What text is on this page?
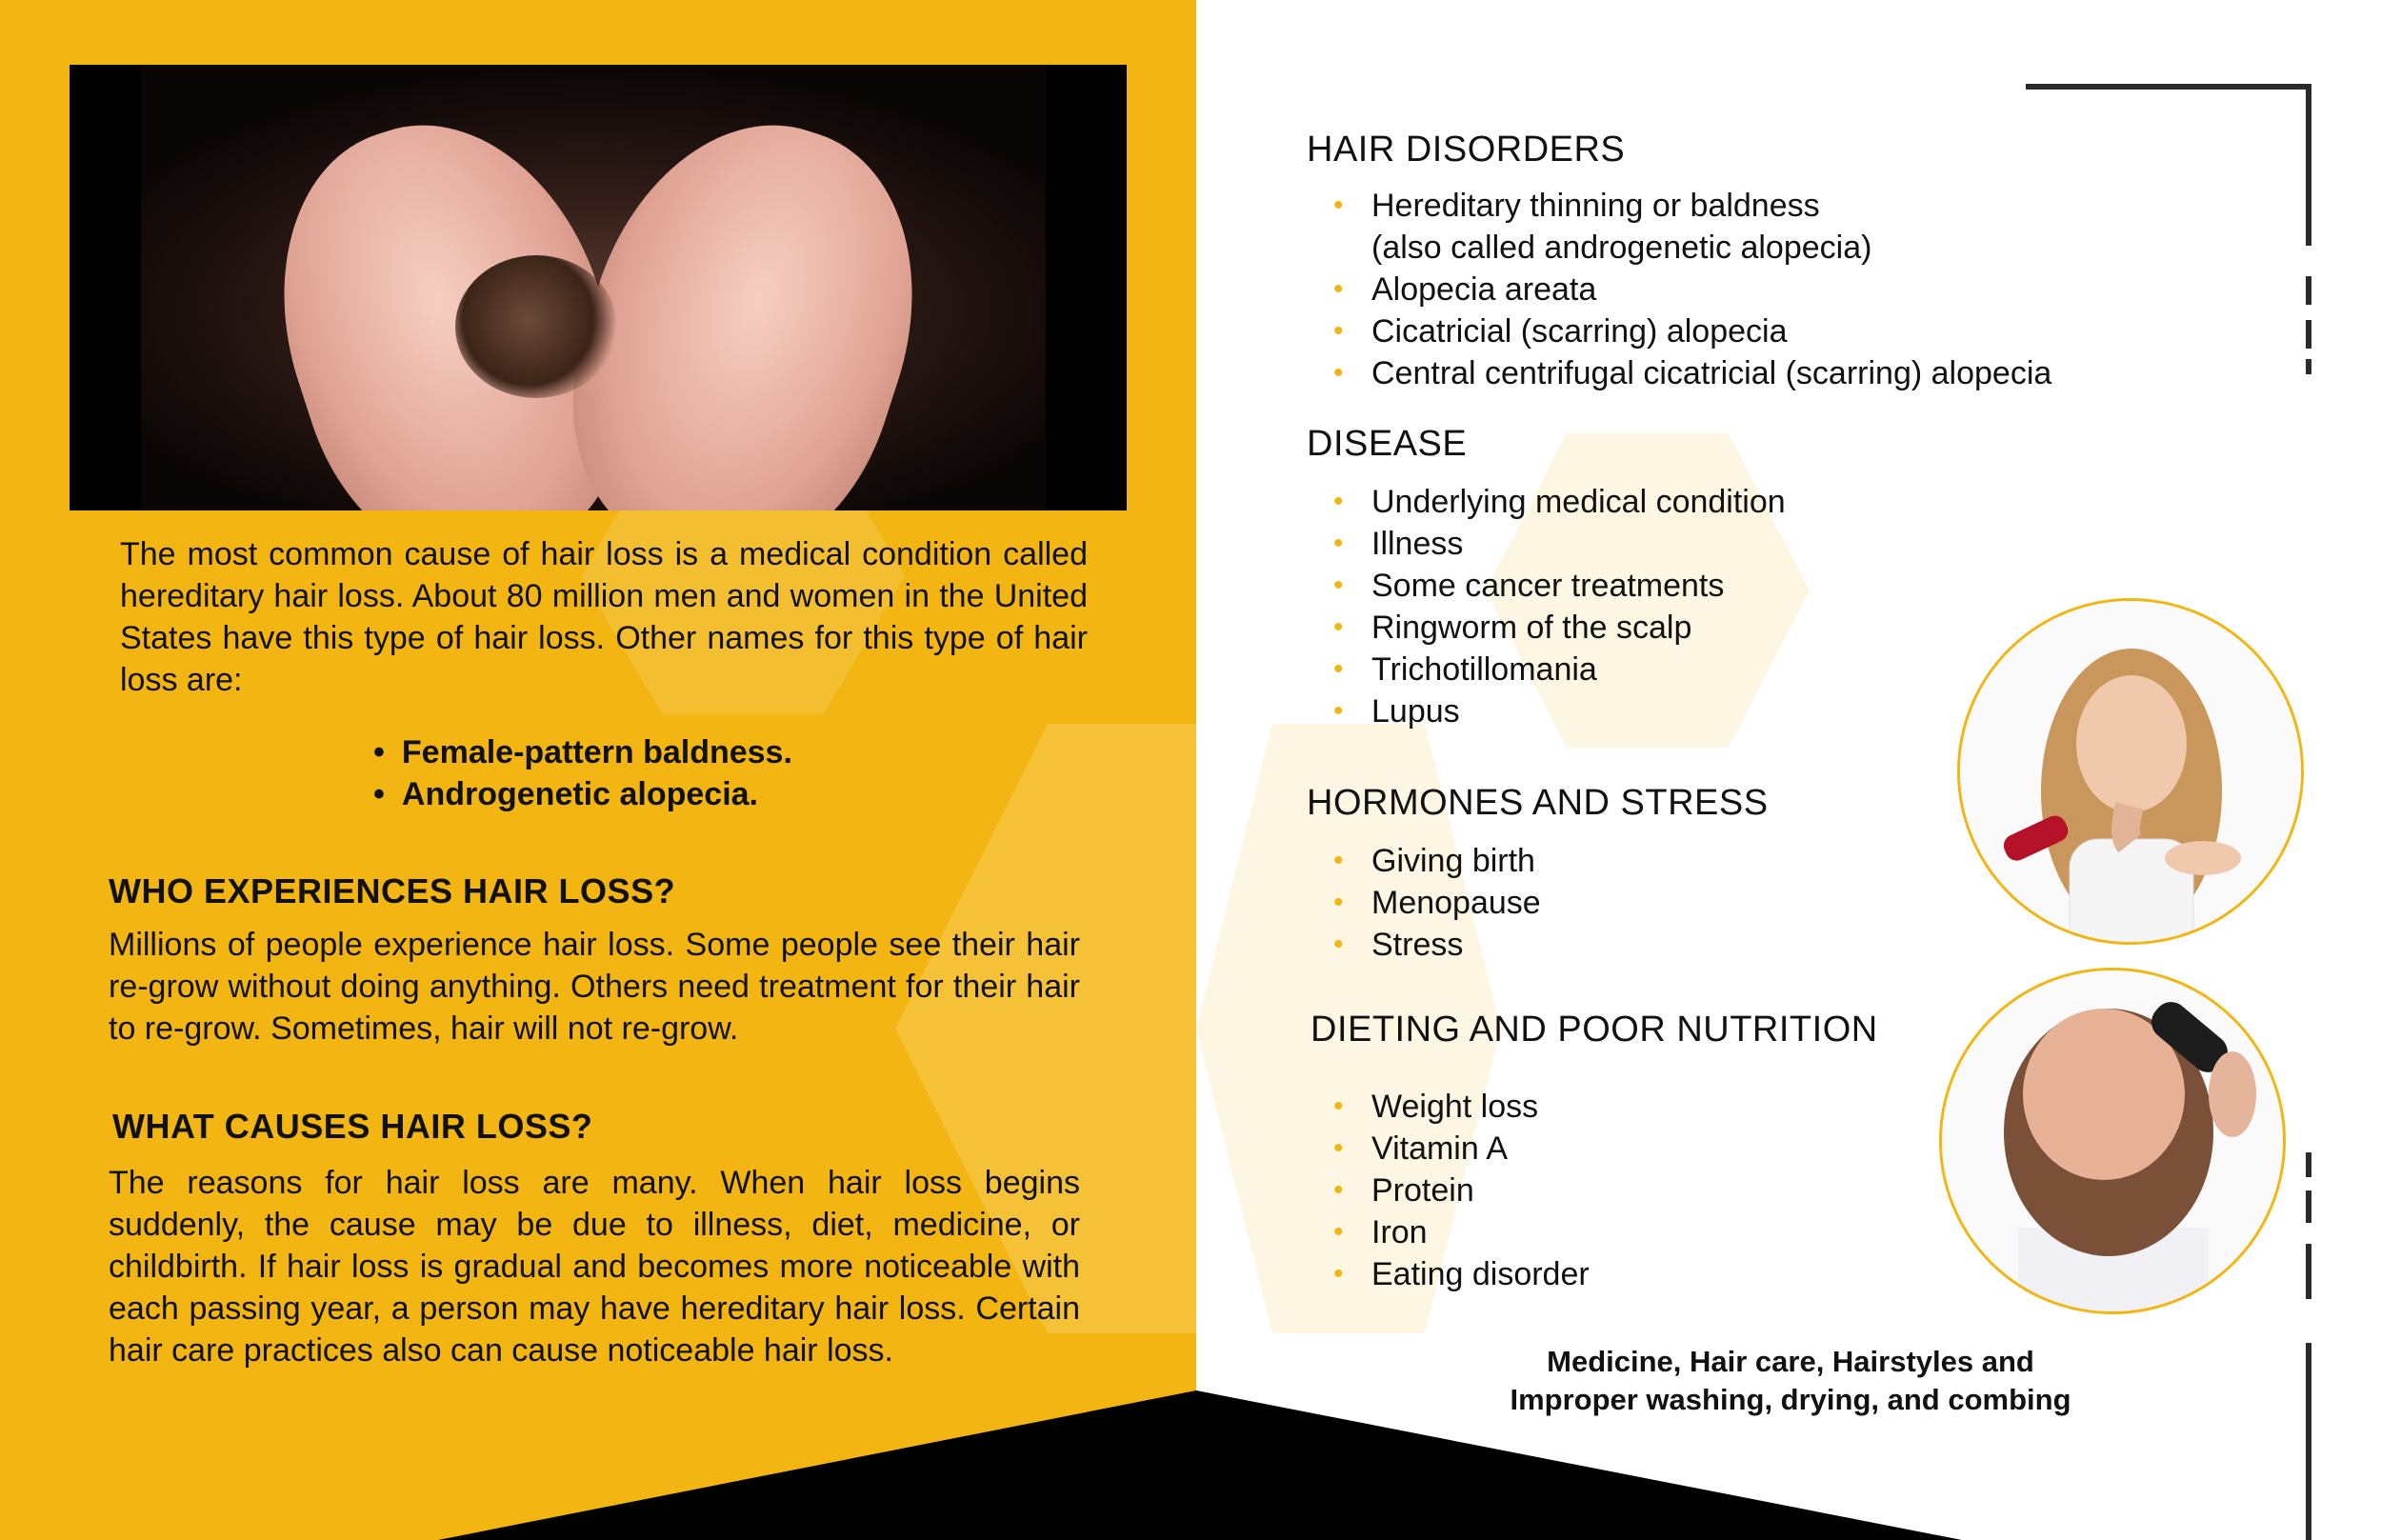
The most common cause of hair loss is a medical condition called hereditary hair loss. About 80 million men and women in the United States have this type of hair loss. Other names for this type of hair loss are:

• Female-pattern baldness.
• Androgenetic alopecia.
WHO EXPERIENCES HAIR LOSS?

Millions of people experience hair loss. Some people see their hair re-grow without doing anything. Others need treatment for their hair to re-grow. Sometimes, hair will not re-grow.

WHAT CAUSES HAIR LOSS?

The reasons for hair loss are many. When hair loss begins suddenly, the cause may be due to illness, diet, medicine, or childbirth. If hair loss is gradual and becomes more noticeable with each passing year, a person may have hereditary hair loss. Certain hair care practices also can cause noticeable hair loss.

HAIR DISORDERS
• Hereditary thinning or baldness
(also called androgenetic alopecia)
• Alopecia areata
• Cicatricial (scarring) alopecia
• Central centrifugal cicatricial (scarring) alopecia
DISEASE
• Underlying medical condition
• Illness
• Some cancer treatments
• Ringworm of the scalp
• Trichotillomania
• Lupus
HORMONES AND STRESS
• Giving birth
• Menopause
• Stress
DIETING AND POOR NUTRITION
• Weight loss
• Vitamin A
• Protein
• Iron
• Eating disorder
Medicine, Hair care, Hairstyles and
Improper washing, drying, and combing
